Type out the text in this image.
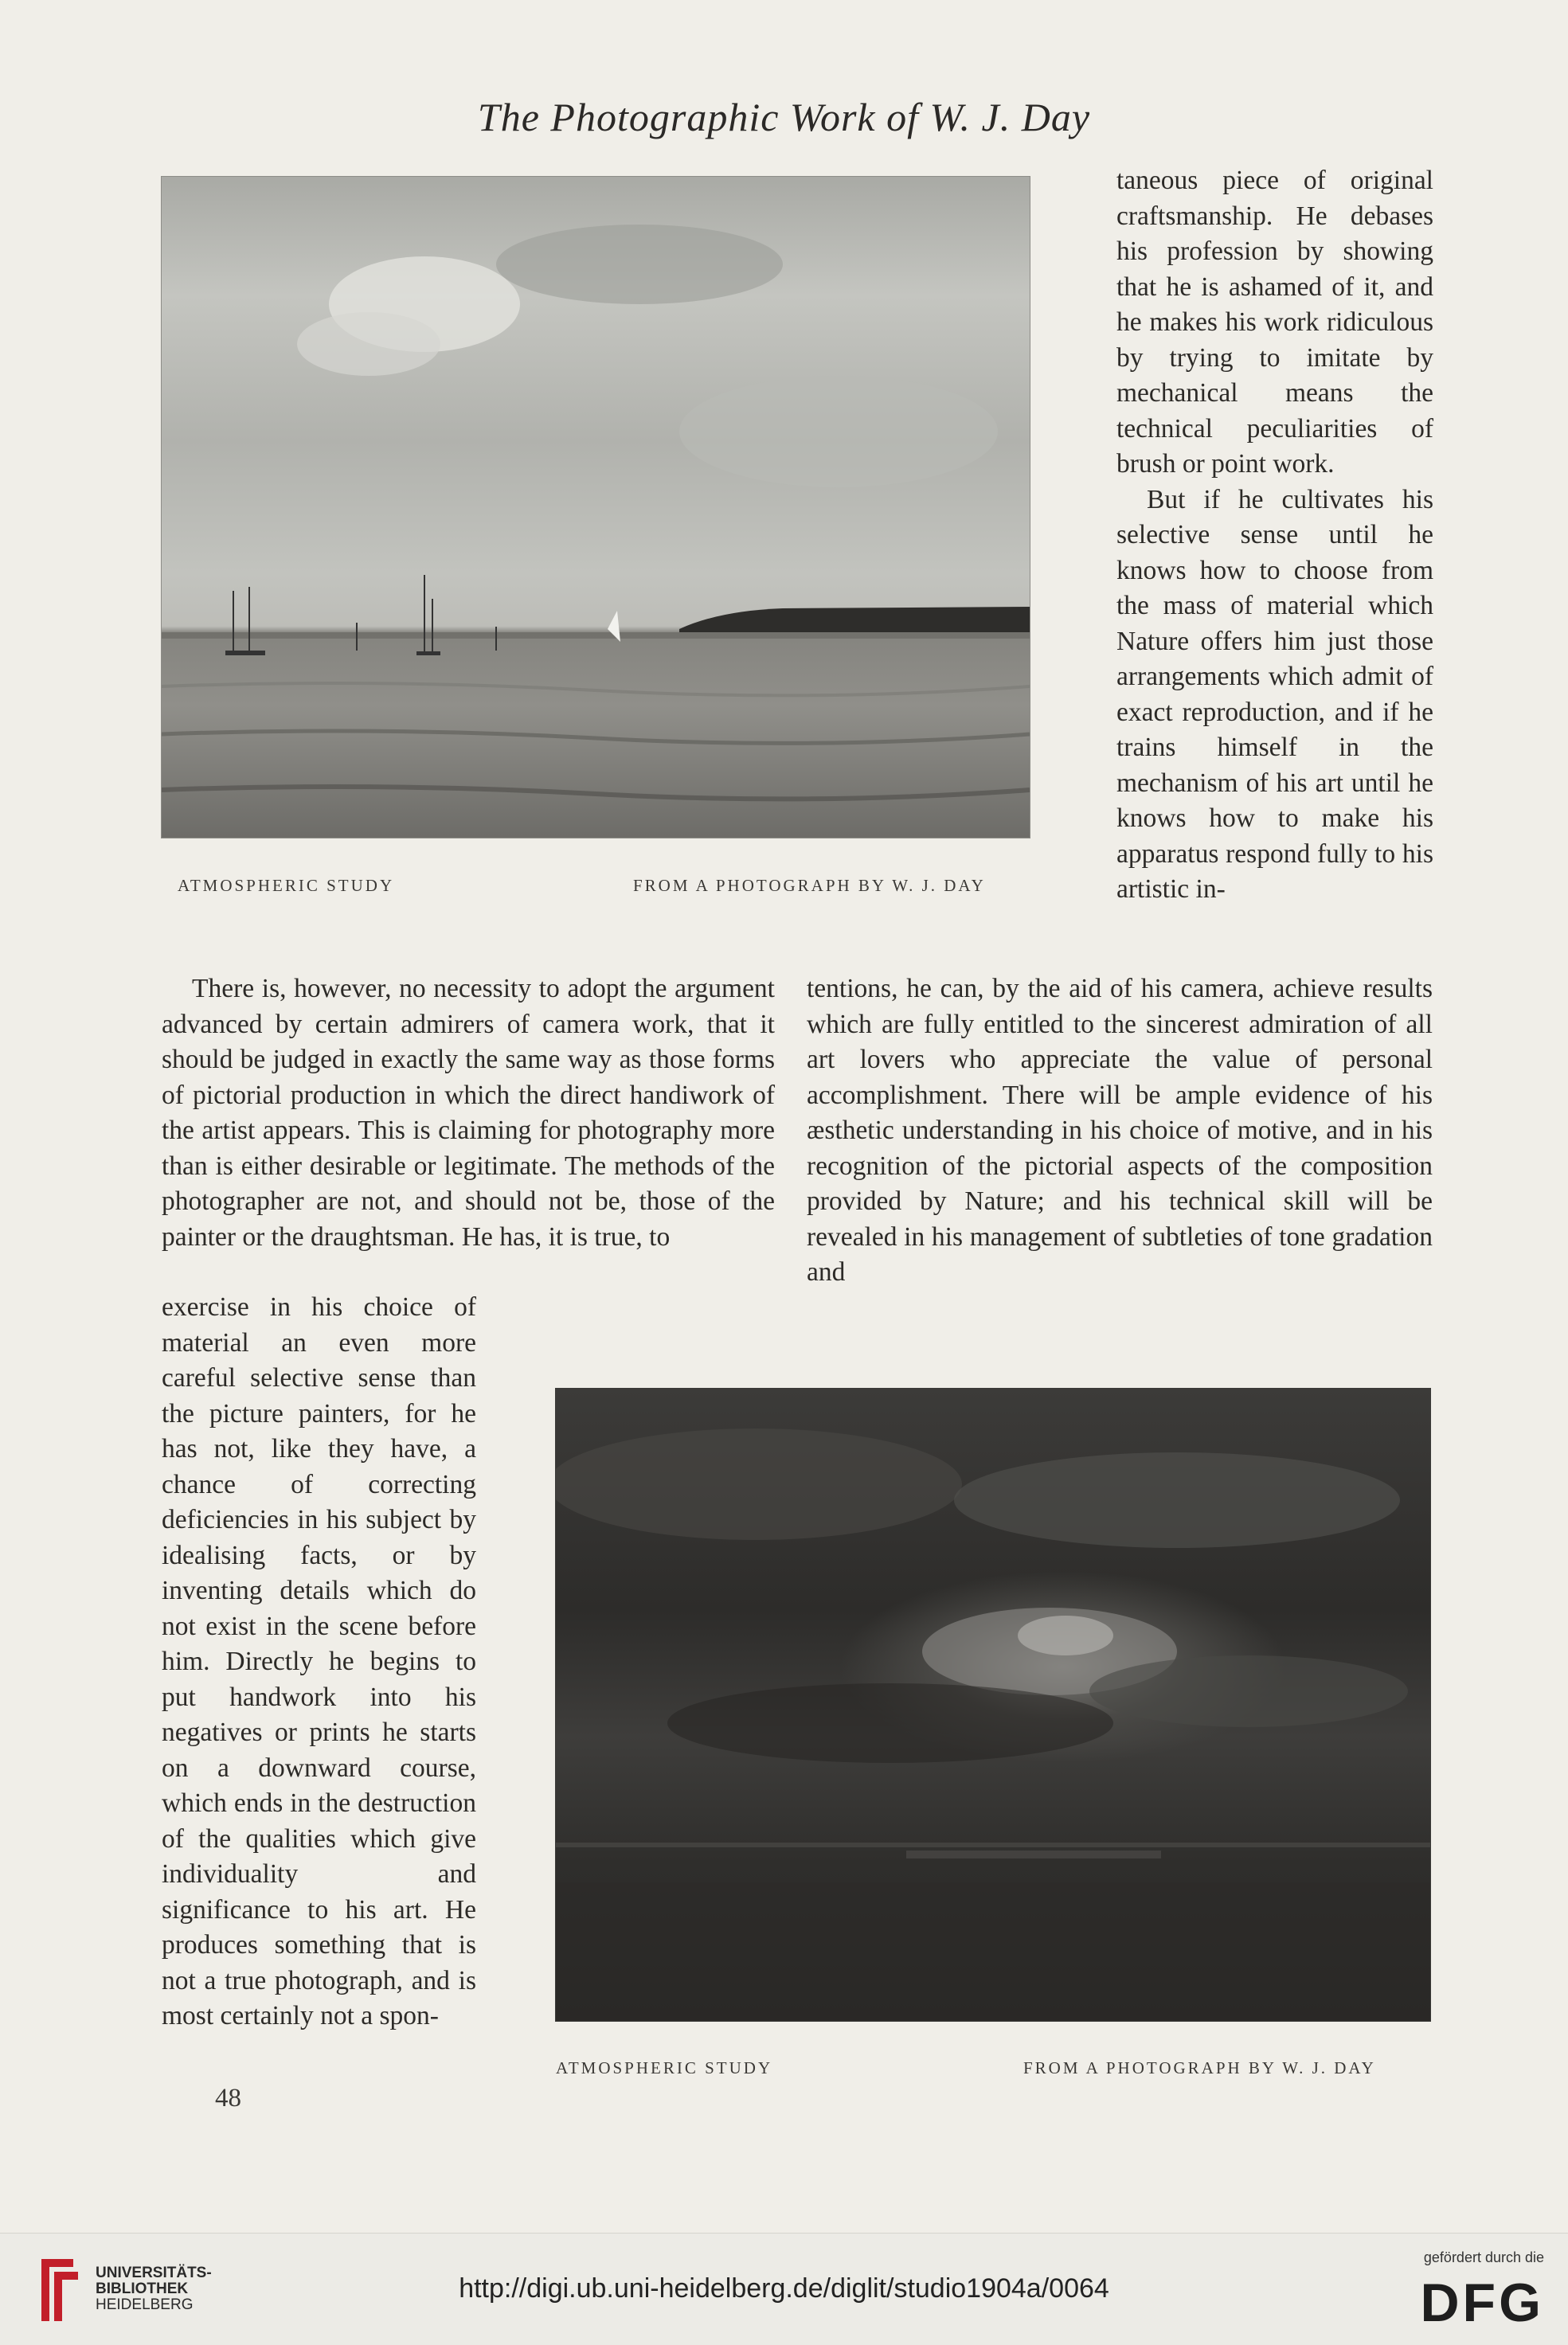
The Photographic Work of W. J. Day
ATMOSPHERIC STUDY	FROM A PHOTOGRAPH BY W. J. DAY

taneous piece of original craftsmanship. He debases his profession by showing that he is ashamed of it, and he makes his work ridiculous by trying to imitate by mechanical means the technical peculiarities of brush or point work.

But if he cultivates his selective sense until he knows how to choose from the mass of material which Nature offers him just those arrangements which admit of exact reproduction, and if he trains himself in the mechanism of his art until he knows how to make his apparatus respond fully to his artistic in-

There is, however, no necessity to adopt the argument advanced by certain admirers of camera work, that it should be judged in exactly the same way as those forms of pictorial production in which the direct handiwork of the artist appears. This is claiming for photography more than is either desirable or legitimate. The methods of the photographer are not, and should not be, those of the painter or the draughtsman. He has, it is true, to

tentions, he can, by the aid of his camera, achieve results which are fully entitled to the sincerest admiration of all art lovers who appreciate the value of personal accomplishment. There will be ample evidence of his æsthetic understanding in his choice of motive, and in his recognition of the pictorial aspects of the composition provided by Nature; and his technical skill will be revealed in his management of subtleties of tone gradation and

exercise in his choice of material an even more careful selective sense than the picture painters, for he has not, like they have, a chance of correcting deficiencies in his subject by idealising facts, or by inventing details which do not exist in the scene before him. Directly he begins to put handwork into his negatives or prints he starts on a downward course, which ends in the destruction of the qualities which give individuality and significance to his art. He produces something that is not a true photograph, and is most certainly not a spon-

ATMOSPHERIC STUDY	FROM A PHOTOGRAPH BY W. J. DAY
48
UNIVERSITÄTS-
BIBLIOTHEK
HEIDELBERG
http://digi.ub.uni-heidelberg.de/diglit/studio1904a/0064
gefördert durch die
DFG
